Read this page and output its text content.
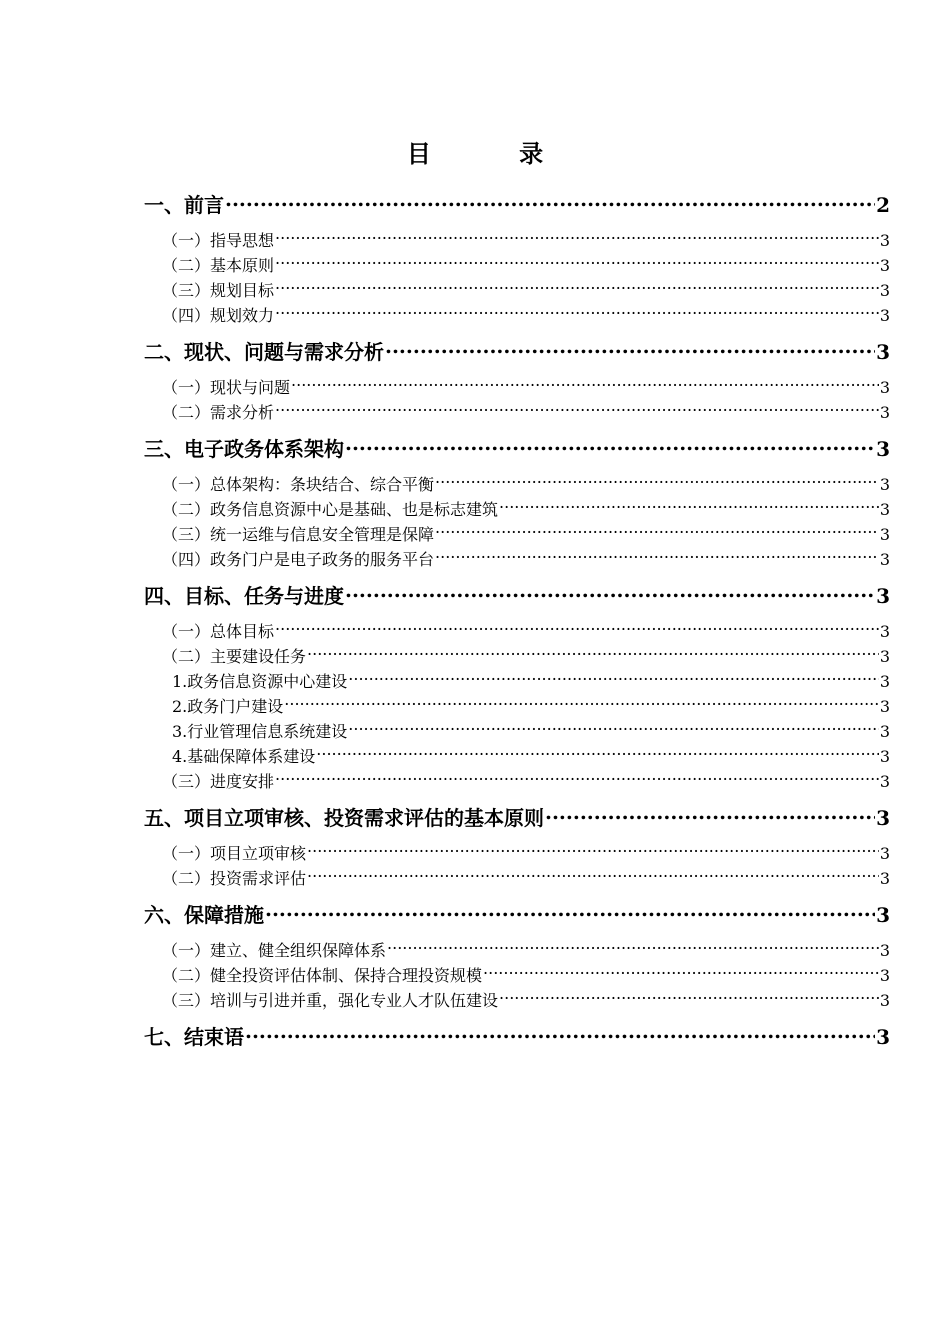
目 录
一、前言 .....	2
（一）指导思想 .....	3
（二）基本原则 .....	3
（三）规划目标 .....	3
（四）规划效力 .....	3
二、现状、问题与需求分析 .....	3
（一）现状与问题 .....	3
（二）需求分析 .....	3
三、电子政务体系架构 .....	3
（一）总体架构：条块结合、综合平衡 .....	3
（二）政务信息资源中心是基础、也是标志建筑 .....	3
（三）统一运维与信息安全管理是保障 .....	3
（四）政务门户是电子政务的服务平台 .....	3
四、目标、任务与进度 .....	3
（一）总体目标 .....	3
（二）主要建设任务 .....	3
1.政务信息资源中心建设 .....	3
2.政务门户建设 .....	3
3.行业管理信息系统建设 .....	3
4.基础保障体系建设 .....	3
（三）进度安排 .....	3
五、项目立项审核、投资需求评估的基本原则 .....	3
（一）项目立项审核 .....	3
（二）投资需求评估 .....	3
六、保障措施 .....	3
（一）建立、健全组织保障体系 .....	3
（二）健全投资评估体制、保持合理投资规模 .....	3
（三）培训与引进并重，强化专业人才队伍建设 .....	3
七、结束语 .....	3
